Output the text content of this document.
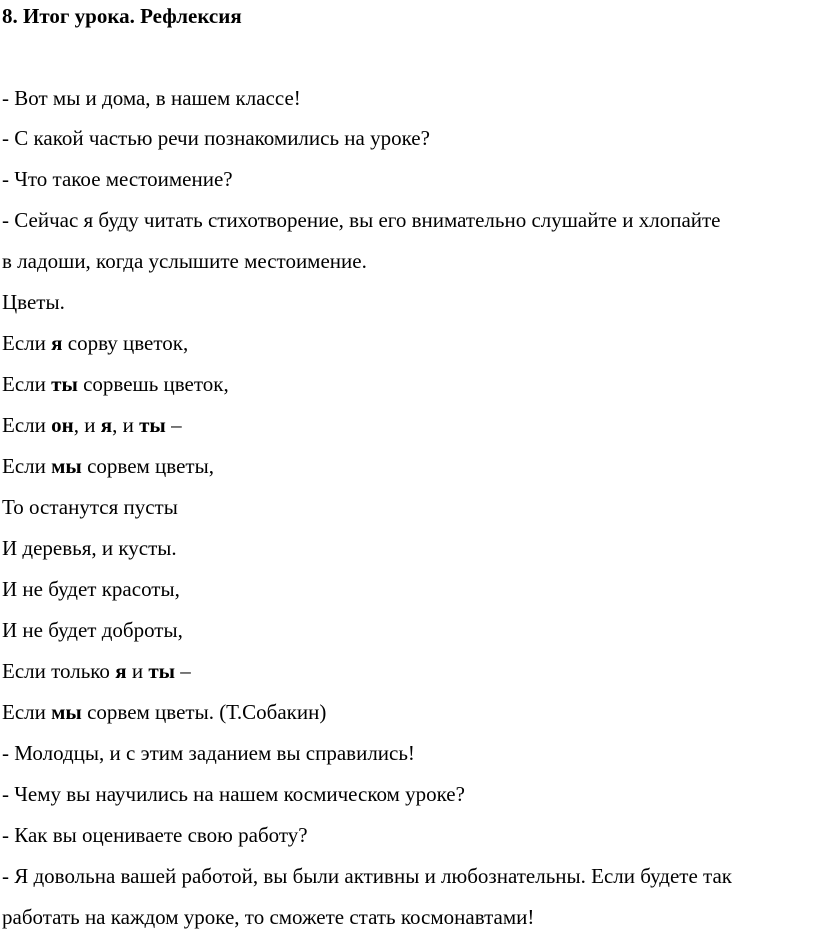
8. Итог урока. Рефлексия
- Вот мы и дома, в нашем классе!
- С какой частью речи познакомились на уроке?
- Что такое местоимение?
- Сейчас я буду читать стихотворение, вы его внимательно слушайте и хлопайте
в ладоши, когда услышите местоимение.
Цветы.
Если я сорву цветок,
Если ты сорвешь цветок,
Если он, и я, и ты –
Если мы сорвем цветы,
То останутся пусты
И деревья, и кусты.
И не будет красоты,
И не будет доброты,
Если только я и ты –
Если мы сорвем цветы. (Т.Собакин)
- Молодцы, и с этим заданием вы справились!
- Чему вы научились на нашем космическом уроке?
- Как вы оцениваете свою работу?
- Я довольна вашей работой, вы были активны и любознательны. Если будете так
работать на каждом уроке, то сможете стать космонавтами!
